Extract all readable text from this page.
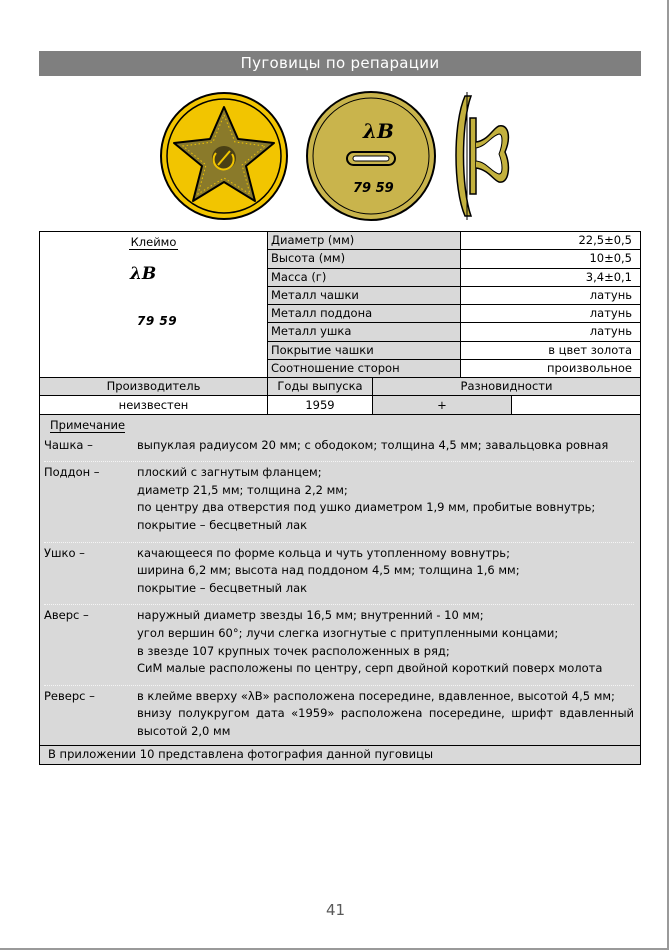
Пуговицы по репарации
λВ
79 59
Клеймо
λВ
79 59
Диаметр (мм)	22,5±0,5
Высота (мм)	10±0,5
Масса (г)	3,4±0,1
Металл чашки	латунь
Металл поддона	латунь
Металл ушка	латунь
Покрытие чашки	в цвет золота
Соотношение сторон	произвольное
Производитель	Годы выпуска	Разновидности
неизвестен	1959	+
Примечание
Чашка –	выпуклая радиусом 20 мм; с ободоком; толщина 4,5 мм; завальцовка ровная
Поддон –	плоский с загнутым фланцем;
диаметр 21,5 мм; толщина 2,2 мм;
по центру два отверстия под ушко диаметром 1,9 мм, пробитые вовнутрь;
покрытие – бесцветный лак
Ушко –	качающееся по форме кольца и чуть утопленному вовнутрь;
ширина 6,2 мм; высота над поддоном 4,5 мм; толщина 1,6 мм;
покрытие – бесцветный лак
Аверс –	наружный диаметр звезды 16,5 мм; внутренний - 10 мм;
угол вершин 60°; лучи слегка изогнутые с притупленными концами;
в звезде 107 крупных точек расположенных в ряд;
СиМ малые расположены по центру, серп двойной короткий поверх молота
Реверс –	в клейме вверху «λВ» расположена посередине, вдавленное, высотой 4,5 мм;
внизу полукругом дата «1959» расположена посередине, шрифт вдавленный высотой 2,0 мм
В приложении 10 представлена фотография данной пуговицы
41
